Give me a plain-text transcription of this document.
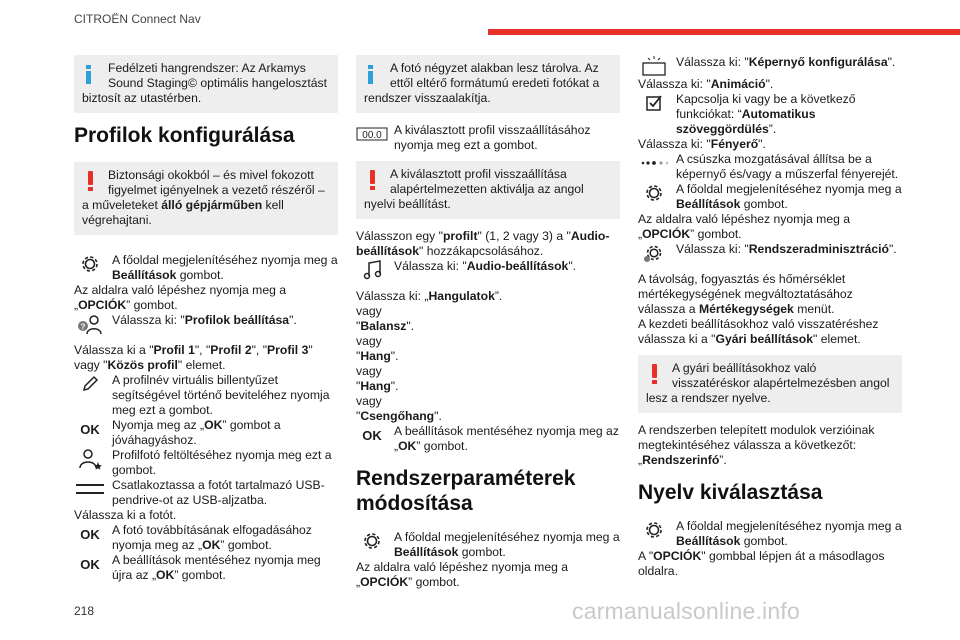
CITROËN Connect Nav
Fedélzeti hangrendszer: Az Arkamys Sound Staging© optimális hangelosztást biztosít az utastérben.
Profilok konfigurálása
Biztonsági okokból – és mivel fokozott figyelmet igényelnek a vezető részéről – a műveleteket álló gépjárműben kell végrehajtani.
A főoldal megjelenítéséhez nyomja meg a Beállítások gombot.
Az aldalra való lépéshez nyomja meg a „OPCIÓK” gombot.
? Válassza ki: "Profilok beállítása".
Válassza ki a "Profil 1", "Profil 2", "Profil 3" vagy "Közös profil" elemet.
A profilnév virtuális billentyűzet segítségével történő beviteléhez nyomja meg ezt a gombot.
OK	Nyomja meg az „OK” gombot a jóváhagyáshoz.
Profilfotó feltöltéséhez nyomja meg ezt a gombot.
Csatlakoztassa a fotót tartalmazó USB-pendrive-ot az USB-aljzatba.
Válassza ki a fotót.
OK	A fotó továbbításának elfogadásához nyomja meg az „OK” gombot.
OK	A beállítások mentéséhez nyomja meg újra az „OK” gombot.
A fotó négyzet alakban lesz tárolva. Az ettől eltérő formátumú eredeti fotókat a rendszer visszaalakítja.
00.0 A kiválasztott profil visszaállításához nyomja meg ezt a gombot.
A kiválasztott profil visszaállítása alapértelmezetten aktiválja az angol nyelvi beállítást.
Válasszon egy "profilt" (1, 2 vagy 3) a "Audio-beállítások" hozzákapcsolásához.
Válassza ki: "Audio-beállítások".
Válassza ki: „Hangulatok”.
vagy
"Balansz".
vagy
"Hang".
vagy
"Hang".
vagy
"Csengőhang".
OK	A beállítások mentéséhez nyomja meg az „OK” gombot.
Rendszerparaméterek módosítása
A főoldal megjelenítéséhez nyomja meg a Beállítások gombot.
Az aldalra való lépéshez nyomja meg a „OPCIÓK” gombot.
Válassza ki: "Képernyő konfigurálása".
Válassza ki: "Animáció".
Kapcsolja ki vagy be a következő funkciókat: “Automatikus szöveggördülés”.
Válassza ki: "Fényerő".
A csúszka mozgatásával állítsa be a képernyő és/vagy a műszerfal fényerejét.
A főoldal megjelenítéséhez nyomja meg a Beállítások gombot.
Az aldalra való lépéshez nyomja meg a „OPCIÓK” gombot.
Válassza ki: "Rendszeradminisztráció".
A távolság, fogyasztás és hőmérséklet mértékegységének megváltoztatásához válassza a Mértékegységek menüt.
A kezdeti beállításokhoz való visszatéréshez válassza ki a "Gyári beállítások" elemet.
A gyári beállításokhoz való visszatéréskor alapértelmezésben angol lesz a rendszer nyelve.
A rendszerben telepített modulok verzióinak megtekintéséhez válassza a következőt: „Rendszerinfó”.
Nyelv kiválasztása
A főoldal megjelenítéséhez nyomja meg a Beállítások gombot.
A "OPCIÓK" gombbal lépjen át a másodlagos oldalra.
218	carmanualsonline.info
